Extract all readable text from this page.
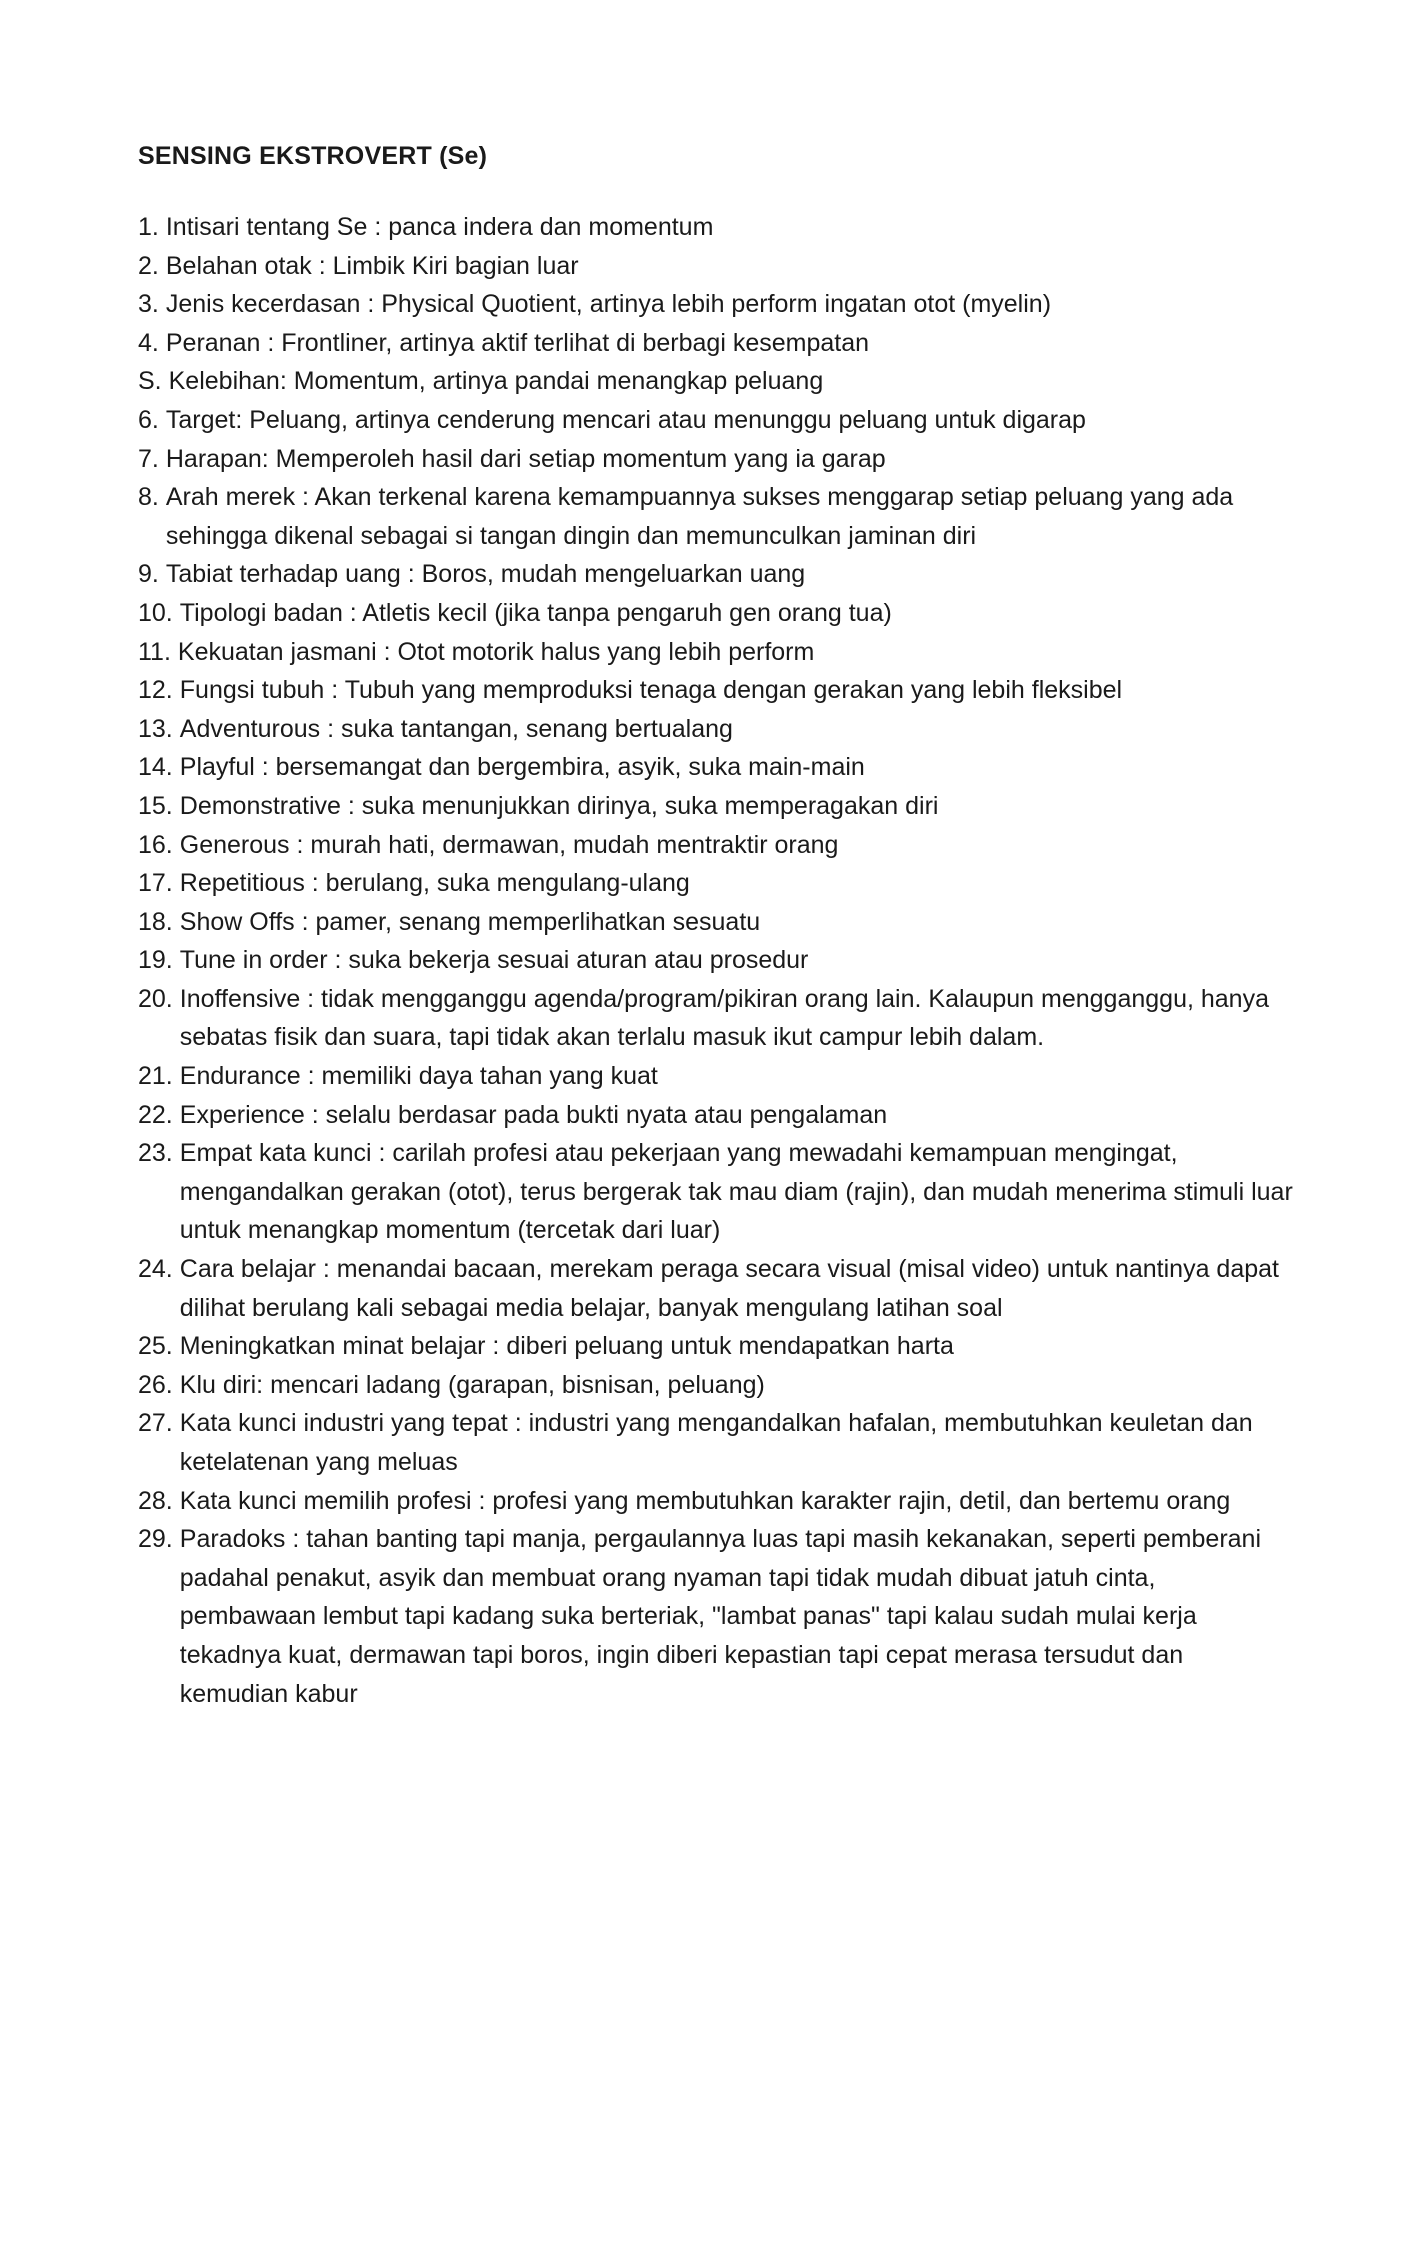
SENSING EKSTROVERT (Se)
1. Intisari tentang Se : panca indera dan momentum
2. Belahan otak : Limbik Kiri bagian luar
3. Jenis kecerdasan : Physical Quotient, artinya lebih perform ingatan otot (myelin)
4. Peranan : Frontliner, artinya aktif terlihat di berbagi kesempatan
S. Kelebihan: Momentum, artinya pandai menangkap peluang
6. Target: Peluang, artinya cenderung mencari atau menunggu peluang untuk digarap
7. Harapan: Memperoleh hasil dari setiap momentum yang ia garap
8. Arah merek : Akan terkenal karena kemampuannya sukses menggarap setiap peluang yang ada sehingga dikenal sebagai si tangan dingin dan memunculkan jaminan diri
9. Tabiat terhadap uang : Boros, mudah mengeluarkan uang
10. Tipologi badan : Atletis kecil (jika tanpa pengaruh gen orang tua)
11. Kekuatan jasmani : Otot motorik halus yang lebih perform
12. Fungsi tubuh : Tubuh yang memproduksi tenaga dengan gerakan yang lebih fleksibel
13. Adventurous : suka tantangan, senang bertualang
14. Playful : bersemangat dan bergembira, asyik, suka main-main
15. Demonstrative : suka menunjukkan dirinya, suka memperagakan diri
16. Generous : murah hati, dermawan, mudah mentraktir orang
17. Repetitious : berulang, suka mengulang-ulang
18. Show Offs : pamer, senang memperlihatkan sesuatu
19. Tune in order : suka bekerja sesuai aturan atau prosedur
20. Inoffensive : tidak mengganggu agenda/program/pikiran orang lain. Kalaupun mengganggu, hanya sebatas fisik dan suara, tapi tidak akan terlalu masuk ikut campur lebih dalam.
21. Endurance : memiliki daya tahan yang kuat
22. Experience : selalu berdasar pada bukti nyata atau pengalaman
23. Empat kata kunci : carilah profesi atau pekerjaan yang mewadahi kemampuan mengingat, mengandalkan gerakan (otot), terus bergerak tak mau diam (rajin), dan mudah menerima stimuli luar untuk menangkap momentum (tercetak dari luar)
24. Cara belajar : menandai bacaan, merekam peraga secara visual (misal video) untuk nantinya dapat dilihat berulang kali sebagai media belajar, banyak mengulang latihan soal
25. Meningkatkan minat belajar : diberi peluang untuk mendapatkan harta
26. Klu diri: mencari ladang (garapan, bisnisan, peluang)
27. Kata kunci industri yang tepat : industri yang mengandalkan hafalan, membutuhkan keuletan dan ketelatenan yang meluas
28. Kata kunci memilih profesi : profesi yang membutuhkan karakter rajin, detil, dan bertemu orang
29. Paradoks : tahan banting tapi manja, pergaulannya luas tapi masih kekanakan, seperti pemberani padahal penakut, asyik dan membuat orang nyaman tapi tidak mudah dibuat jatuh cinta, pembawaan lembut tapi kadang suka berteriak, "lambat panas" tapi kalau sudah mulai kerja tekadnya kuat, dermawan tapi boros, ingin diberi kepastian tapi cepat merasa tersudut dan kemudian kabur
